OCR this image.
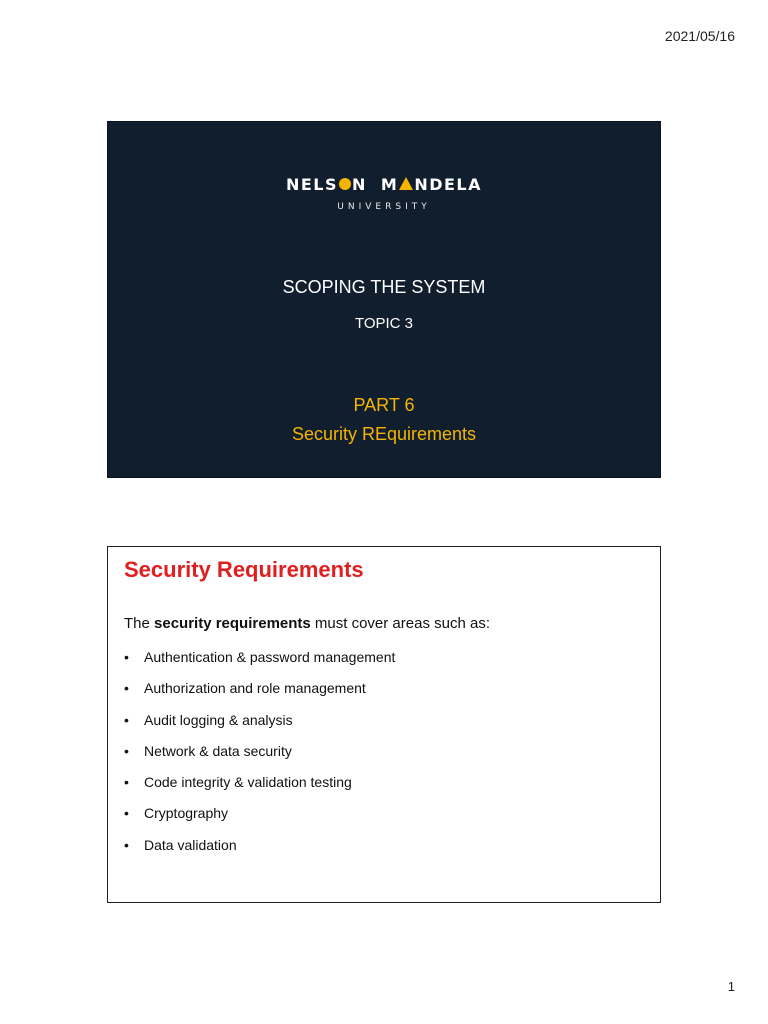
2021/05/16
NELS N M NDELA
UNIVERSITY
SCOPING THE SYSTEM
TOPIC 3
PART 6
Security REquirements
Security Requirements
The security requirements must cover areas such as:
• Authentication & password management
• Authorization and role management
• Audit logging & analysis
• Network & data security
• Code integrity & validation testing
• Cryptography
• Data validation
1
